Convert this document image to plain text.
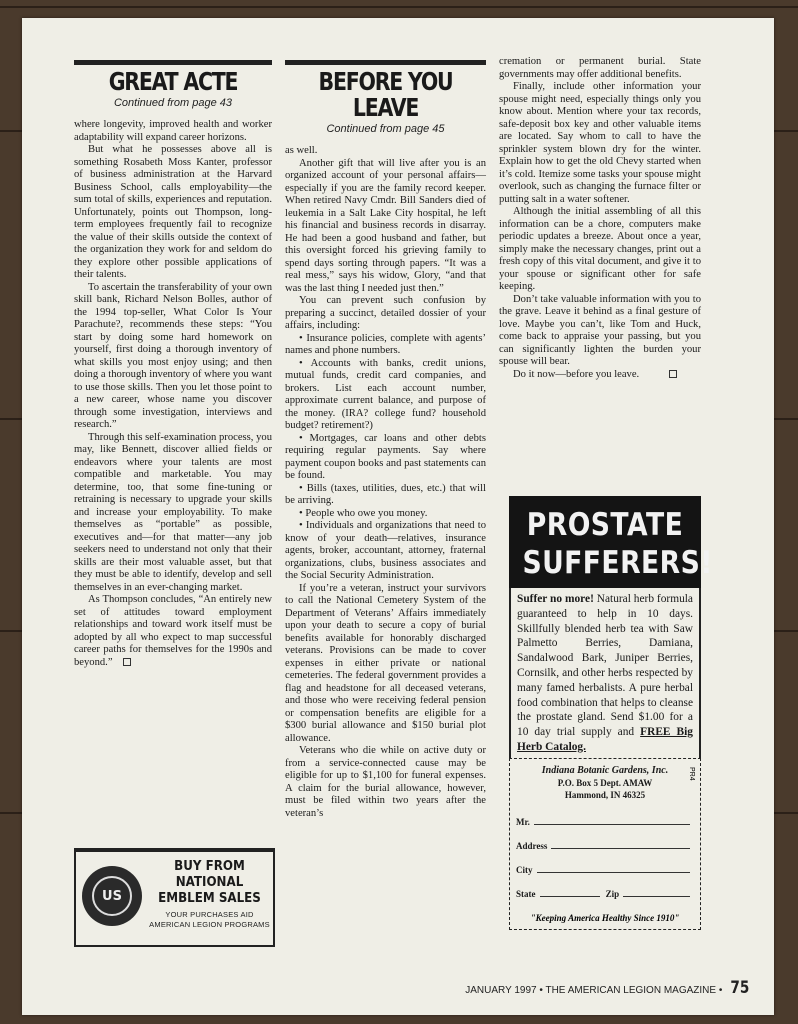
GREAT ACTE
Continued from page 43

where longevity, improved health and worker adaptability will expand career horizons.

But what he possesses above all is something Rosabeth Moss Kanter, professor of business administration at the Harvard Business School, calls employability—the sum total of skills, experiences and reputation. Unfortunately, points out Thompson, long-term employees frequently fail to recognize the value of their skills outside the context of the organization they work for and seldom do they explore other possible applications of their talents.

To ascertain the transferability of your own skill bank, Richard Nelson Bolles, author of the 1994 top-seller, What Color Is Your Parachute?, recommends these steps: “You start by doing some hard homework on yourself, first doing a thorough inventory of what skills you most enjoy using; and then doing a thorough inventory of where you want to use those skills. Then you let those point to a new career, whose name you discover through some investigation, interviews and research.”

Through this self-examination process, you may, like Bennett, discover allied fields or endeavors where your talents are most compatible and marketable. You may determine, too, that some fine-tuning or retraining is necessary to upgrade your skills and increase your employability. To make themselves as “portable” as possible, executives and—for that matter—any job seekers need to understand not only that their skills are their most valuable asset, but that they must be able to identify, develop and sell themselves in an ever-changing market.

As Thompson concludes, “An entirely new set of attitudes toward employment relationships and toward work itself must be adopted by all who expect to map successful career paths for themselves for the 1990s and beyond.”

US
BUY FROM NATIONAL EMBLEM SALES
YOUR PURCHASES AID AMERICAN LEGION PROGRAMS
BEFORE YOU LEAVE
Continued from page 45

as well.

Another gift that will live after you is an organized account of your personal affairs—especially if you are the family record keeper. When retired Navy Cmdr. Bill Sanders died of leukemia in a Salt Lake City hospital, he left his financial and business records in disarray. He had been a good husband and father, but this oversight forced his grieving family to spend days sorting through papers. “It was a real mess,” says his widow, Glory, “and that was the last thing I needed just then.”

You can prevent such confusion by preparing a succinct, detailed dossier of your affairs, including:

• Insurance policies, complete with agents’ names and phone numbers.

• Accounts with banks, credit unions, mutual funds, credit card companies, and brokers. List each account number, approximate current balance, and purpose of the money. (IRA? college fund? household budget? retirement?)

• Mortgages, car loans and other debts requiring regular payments. Say where payment coupon books and past statements can be found.

• Bills (taxes, utilities, dues, etc.) that will be arriving.

• People who owe you money.

• Individuals and organizations that need to know of your death—relatives, insurance agents, broker, accountant, attorney, fraternal organizations, clubs, business associates and the Social Security Administration.

If you’re a veteran, instruct your survivors to call the National Cemetery System of the Department of Veterans’ Affairs immediately upon your death to secure a copy of burial benefits available for honorably discharged veterans. Provisions can be made to cover expenses in either private or national cemeteries. The federal government provides a flag and headstone for all deceased veterans, and those who were receiving federal pension or compensation benefits are eligible for a $300 burial allowance and $150 burial plot allowance.

Veterans who die while on active duty or from a service-connected cause may be eligible for up to $1,100 for funeral expenses. A claim for the burial allowance, however, must be filed within two years after the veteran’s

cremation or permanent burial. State governments may offer additional benefits.

Finally, include other information your spouse might need, especially things only you know about. Mention where your tax records, safe-deposit box key and other valuable items are located. Say whom to call to have the sprinkler system blown dry for the winter. Explain how to get the old Chevy started when it’s cold. Itemize some tasks your spouse might overlook, such as changing the furnace filter or putting salt in a water softener.

Although the initial assembling of all this information can be a chore, computers make periodic updates a breeze. About once a year, simply make the necessary changes, print out a fresh copy of this vital document, and give it to your spouse or significant other for safe keeping.

Don’t take valuable information with you to the grave. Leave it behind as a final gesture of love. Maybe you can’t, like Tom and Huck, come back to appraise your passing, but you can significantly lighten the burden your spouse will bear.

Do it now—before you leave.

PROSTATE
SUFFERERS!

Suffer no more! Natural herb formula guaranteed to help in 10 days. Skillfully blended herb tea with Saw Palmetto Berries, Damiana, Sandalwood Bark, Juniper Berries, Cornsilk, and other herbs respected by many famed herbalists. A pure herbal food combination that helps to cleanse the prostate gland. Send $1.00 for a 10 day trial supply and FREE Big Herb Catalog.

Indiana Botanic Gardens, Inc.
P.O. Box 5 Dept. AMAW
Hammond, IN 46325
PR4
Mr.
Address
City
State	Zip
"Keeping America Healthy Since 1910"
JANUARY 1997 • THE AMERICAN LEGION MAGAZINE • 75
